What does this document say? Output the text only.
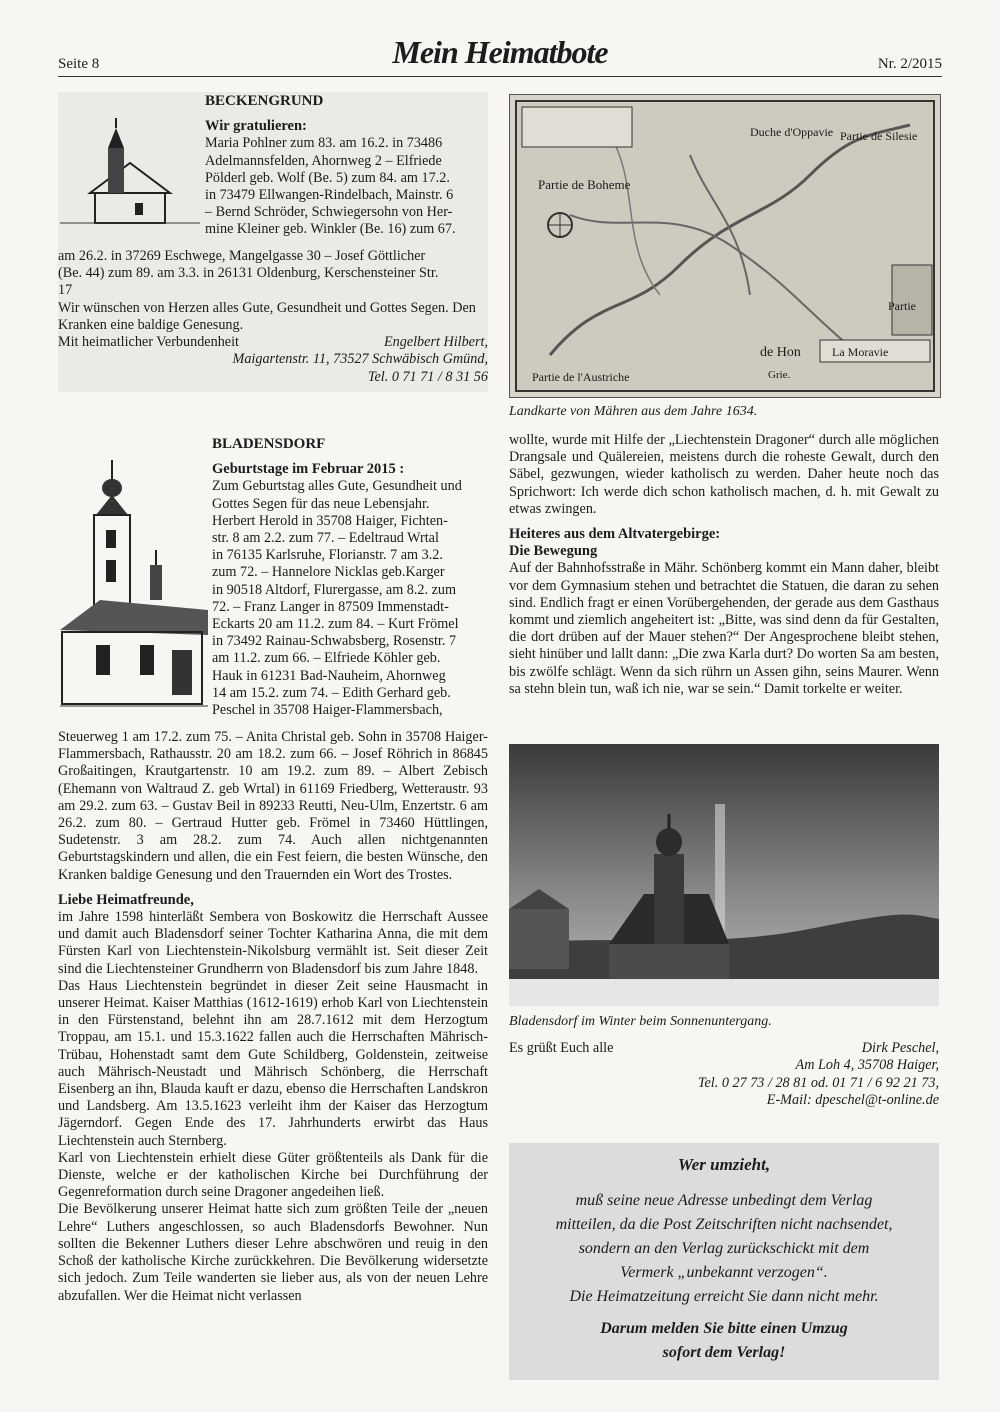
Seite 8	Mein Heimatbote	Nr. 2/2015
BECKENGRUND
Wir gratulieren:

Maria Pohlner zum 83. am 16.2. in 73486

Adelmannsfelden, Ahornweg 2 – Elfriede

Pölderl geb. Wolf (Be. 5) zum 84. am 17.2.

in 73479 Ellwangen-Rindelbach, Mainstr. 6

– Bernd Schröder, Schwiegersohn von Her-

mine Kleiner geb. Winkler (Be. 16) zum 67.

am 26.2. in 37269 Eschwege, Mangelgasse 30 – Josef Göttlicher

(Be. 44) zum 89. am 3.3. in 26131 Oldenburg, Kerschensteiner Str.

17

Wir wünschen von Herzen alles Gute, Gesundheit und Gottes Segen. Den Kranken eine baldige Genesung.

Mit heimatlicher Verbundenheit	Engelbert Hilbert,

Maigartenstr. 11, 73527 Schwäbisch Gmünd,

Tel. 0 71 71 / 8 31 56

BLADENSDORF
Geburtstage im Februar 2015 :

Zum Geburtstag alles Gute, Gesundheit und

Gottes Segen für das neue Lebensjahr.

Herbert Herold in 35708 Haiger, Fichten-

str. 8 am 2.2. zum 77. – Edeltraud Wrtal

in 76135 Karlsruhe, Florianstr. 7 am 3.2.

zum 72. – Hannelore Nicklas geb.Karger

in 90518 Altdorf, Flurergasse, am 8.2. zum

72. – Franz Langer in 87509 Immenstadt-

Eckarts 20 am 11.2. zum 84. – Kurt Frömel

in 73492 Rainau-Schwabsberg, Rosenstr. 7

am 11.2. zum 66. – Elfriede Köhler geb.

Hauk in 61231 Bad-Nauheim, Ahornweg

14 am 15.2. zum 74. – Edith Gerhard geb.

Peschel in 35708 Haiger-Flammersbach,

Steuerweg 1 am 17.2. zum 75. – Anita Christal geb. Sohn in 35708 Haiger-Flammersbach, Rathausstr. 20 am 18.2. zum 66. – Josef Röhrich in 86845 Großaitingen, Krautgartenstr. 10 am 19.2. zum 89. – Albert Zebisch (Ehemann von Waltraud Z. geb Wrtal) in 61169 Friedberg, Wetteraustr. 93 am 29.2. zum 63. – Gustav Beil in 89233 Reutti, Neu-Ulm, Enzertstr. 6 am 26.2. zum 80. – Gertraud Hutter geb. Frömel in 73460 Hüttlingen, Sudetenstr. 3 am 28.2. zum 74. Auch allen nichtgenannten Geburtstagskindern und allen, die ein Fest feiern, die besten Wünsche, den Kranken baldige Genesung und den Trauernden ein Wort des Trostes.

Liebe Heimatfreunde,

im Jahre 1598 hinterläßt Sembera von Boskowitz die Herrschaft Aussee und damit auch Bladensdorf seiner Tochter Katharina Anna, die mit dem Fürsten Karl von Liechtenstein-Nikolsburg vermählt ist. Seit dieser Zeit sind die Liechtensteiner Grundherrn von Bladensdorf bis zum Jahre 1848.

Das Haus Liechtenstein begründet in dieser Zeit seine Hausmacht in unserer Heimat. Kaiser Matthias (1612-1619) erhob Karl von Liechtenstein in den Fürstenstand, belehnt ihn am 28.7.1612 mit dem Herzogtum Troppau, am 15.1. und 15.3.1622 fallen auch die Herrschaften Mährisch-Trübau, Hohenstadt samt dem Gute Schildberg, Goldenstein, zeitweise auch Mährisch-Neustadt und Mährisch Schönberg, die Herrschaft Eisenberg an ihn, Blauda kauft er dazu, ebenso die Herrschaften Landskron und Landsberg. Am 13.5.1623 verleiht ihm der Kaiser das Herzogtum Jägerndorf. Gegen Ende des 17. Jahrhunderts erwirbt das Haus Liechtenstein auch Sternberg.

Karl von Liechtenstein erhielt diese Güter größtenteils als Dank für die Dienste, welche er der katholischen Kirche bei Durchführung der Gegenreformation durch seine Dragoner angedeihen ließ.

Die Bevölkerung unserer Heimat hatte sich zum größten Teile der „neuen Lehre“ Luthers angeschlossen, so auch Bladensdorfs Bewohner. Nun sollten die Bekenner Luthers dieser Lehre abschwören und reuig in den Schoß der katholische Kirche zurückkehren. Die Bevölkerung widersetzte sich jedoch. Zum Teile wanderten sie lieber aus, als von der neuen Lehre abzufallen. Wer die Heimat nicht verlassen

Partie de Boheme
Duche d'Oppavie Partie de Silesie
Partie
La Moravie
Partie de l'Austriche
de Hon
Grie.
Landkarte von Mähren aus dem Jahre 1634.

wollte, wurde mit Hilfe der „Liechtenstein Dragoner“ durch alle möglichen Drangsale und Quälereien, meistens durch die roheste Gewalt, durch den Säbel, gezwungen, wieder katholisch zu werden. Daher heute noch das Sprichwort: Ich werde dich schon katholisch machen, d. h. mit Gewalt zu etwas zwingen.

Heiteres aus dem Altvatergebirge:
Die Bewegung

Auf der Bahnhofsstraße in Mähr. Schönberg kommt ein Mann daher, bleibt vor dem Gymnasium stehen und betrachtet die Statuen, die daran zu sehen sind. Endlich fragt er einen Vorübergehenden, der gerade aus dem Gasthaus kommt und ziemlich angeheitert ist: „Bitte, was sind denn da für Gestalten, die dort drüben auf der Mauer stehen?“ Der Angesprochene bleibt stehen, sieht hinüber und lallt dann: „Die zwa Karla durt? Do worten Sa am besten, bis zwölfe schlägt. Wenn da sich rührn un Assen gihn, seins Maurer. Wenn sa stehn blein tun, waß ich nie, war se sein.“ Damit torkelte er weiter.

Bladensdorf im Winter beim Sonnenuntergang.

Es grüßt Euch alle	Dirk Peschel,

Am Loh 4, 35708 Haiger,

Tel. 0 27 73 / 28 81 od. 01 71 / 6 92 21 73,

E-Mail: dpeschel@t-online.de

Wer umzieht,
muß seine neue Adresse unbedingt dem Verlag
mitteilen, da die Post Zeitschriften nicht nachsendet,
sondern an den Verlag zurückschickt mit dem
Vermerk „unbekannt verzogen“.
Die Heimatzeitung erreicht Sie dann nicht mehr.
Darum melden Sie bitte einen Umzug
sofort dem Verlag!
